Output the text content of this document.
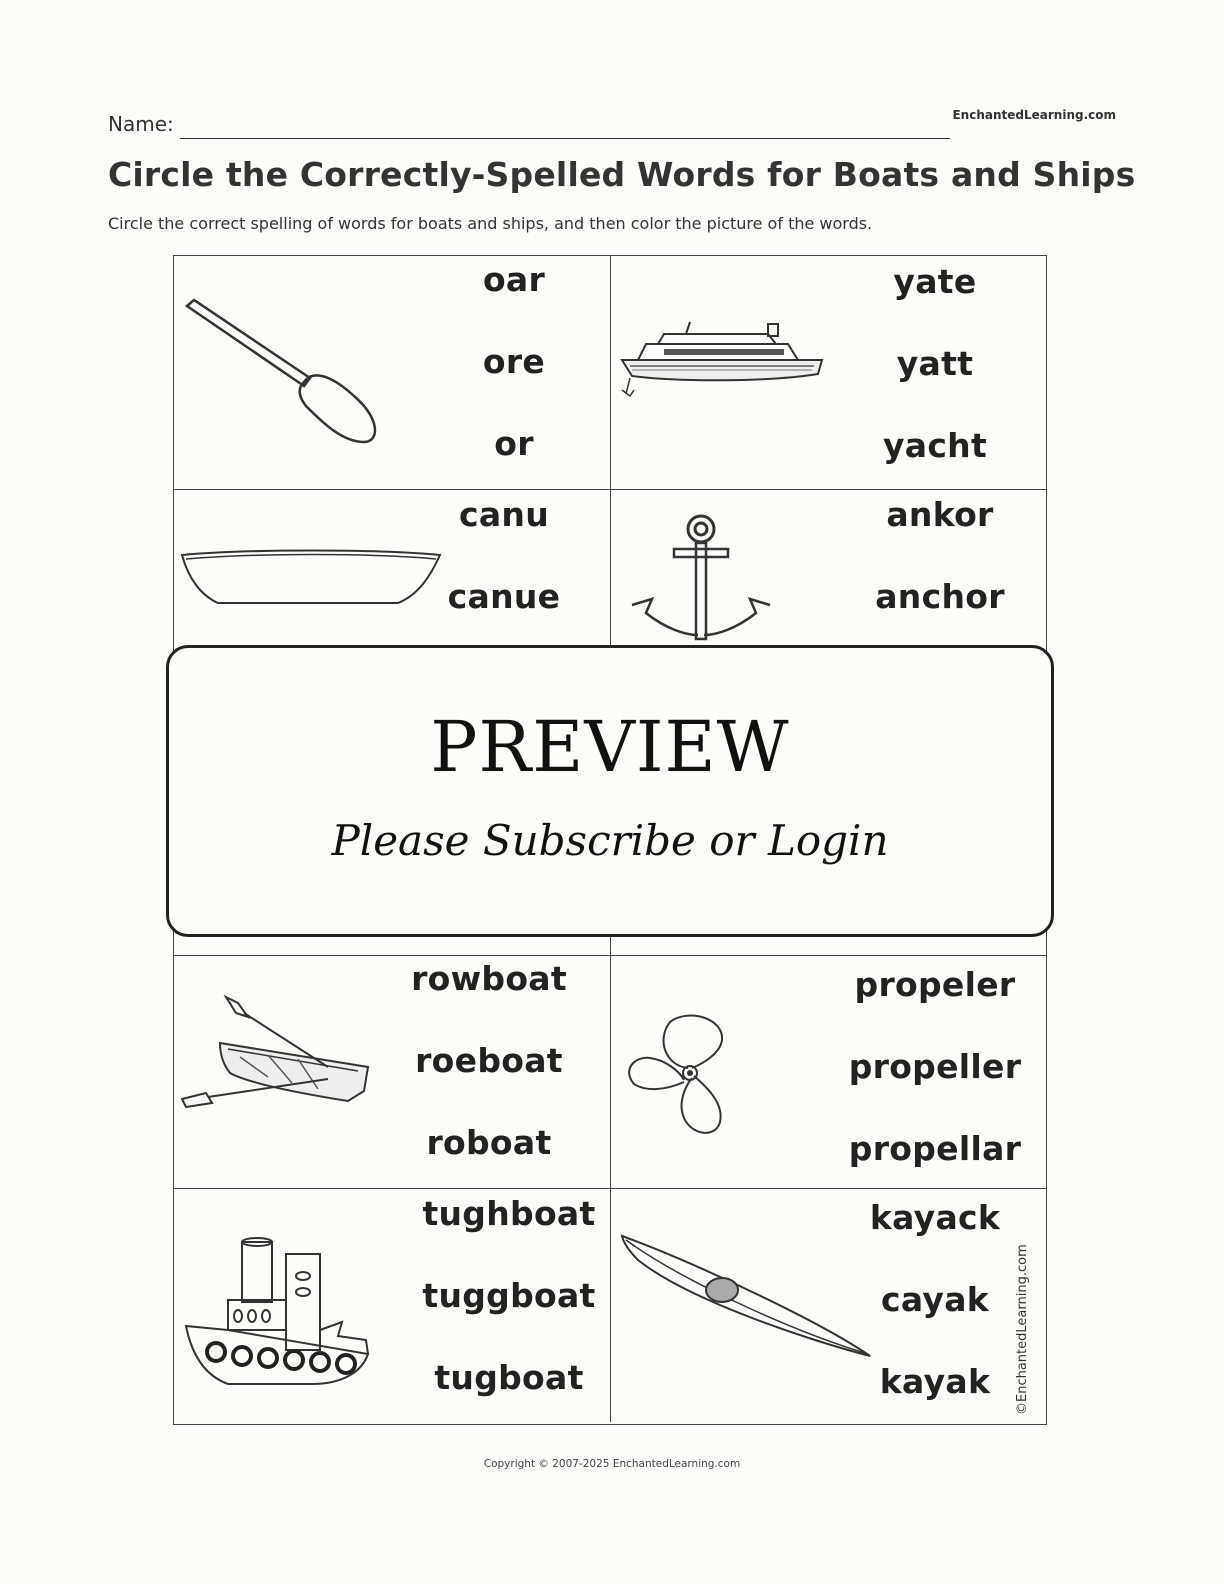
Name:	EnchantedLearning.com
Circle the Correctly-Spelled Words for Boats and Ships

Circle the correct spelling of words for boats and ships, and then color the picture of the words.

oar
ore
or
yate
yatt
yacht
canu
canue
ankor
anchor
rowboat
roeboat
roboat
propeler
propeller
propellar
tughboat
tuggboat
tugboat
kayack
cayak
kayak
PREVIEW
Please Subscribe or Login
©EnchantedLearning.com
Copyright © 2007-2025 EnchantedLearning.com
